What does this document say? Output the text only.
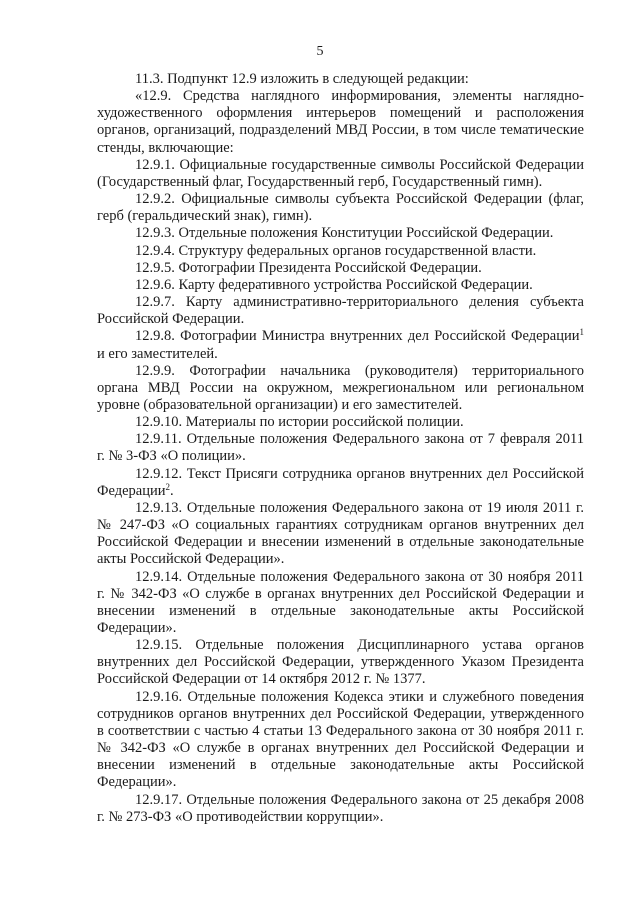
5

11.3. Подпункт 12.9 изложить в следующей редакции:

«12.9. Средства наглядного информирования, элементы наглядно-художественного оформления интерьеров помещений и расположения органов, организаций, подразделений МВД России, в том числе тематические стенды, включающие:

12.9.1. Официальные государственные символы Российской Федерации (Государственный флаг, Государственный герб, Государственный гимн).

12.9.2. Официальные символы субъекта Российской Федерации (флаг, герб (геральдический знак), гимн).

12.9.3. Отдельные положения Конституции Российской Федерации.

12.9.4. Структуру федеральных органов государственной власти.

12.9.5. Фотографии Президента Российской Федерации.

12.9.6. Карту федеративного устройства Российской Федерации.

12.9.7. Карту административно-территориального деления субъекта Российской Федерации.

12.9.8. Фотографии Министра внутренних дел Российской Федерации$^1$ и его заместителей.

12.9.9. Фотографии начальника (руководителя) территориального органа МВД России на окружном, межрегиональном или региональном уровне (образовательной организации) и его заместителей.

12.9.10. Материалы по истории российской полиции.

12.9.11. Отдельные положения Федерального закона от 7 февраля 2011 г. № 3-ФЗ «О полиции».

12.9.12. Текст Присяги сотрудника органов внутренних дел Российской Федерации$^2$.

12.9.13. Отдельные положения Федерального закона от 19 июля 2011 г. № 247-ФЗ «О социальных гарантиях сотрудникам органов внутренних дел Российской Федерации и внесении изменений в отдельные законодательные акты Российской Федерации».

12.9.14. Отдельные положения Федерального закона от 30 ноября 2011 г. № 342-ФЗ «О службе в органах внутренних дел Российской Федерации и внесении изменений в отдельные законодательные акты Российской Федерации».

12.9.15. Отдельные положения Дисциплинарного устава органов внутренних дел Российской Федерации, утвержденного Указом Президента Российской Федерации от 14 октября 2012 г. № 1377.

12.9.16. Отдельные положения Кодекса этики и служебного поведения сотрудников органов внутренних дел Российской Федерации, утвержденного в соответствии с частью 4 статьи 13 Федерального закона от 30 ноября 2011 г. № 342-ФЗ «О службе в органах внутренних дел Российской Федерации и внесении изменений в отдельные законодательные акты Российской Федерации».

12.9.17. Отдельные положения Федерального закона от 25 декабря 2008 г. № 273-ФЗ «О противодействии коррупции».
